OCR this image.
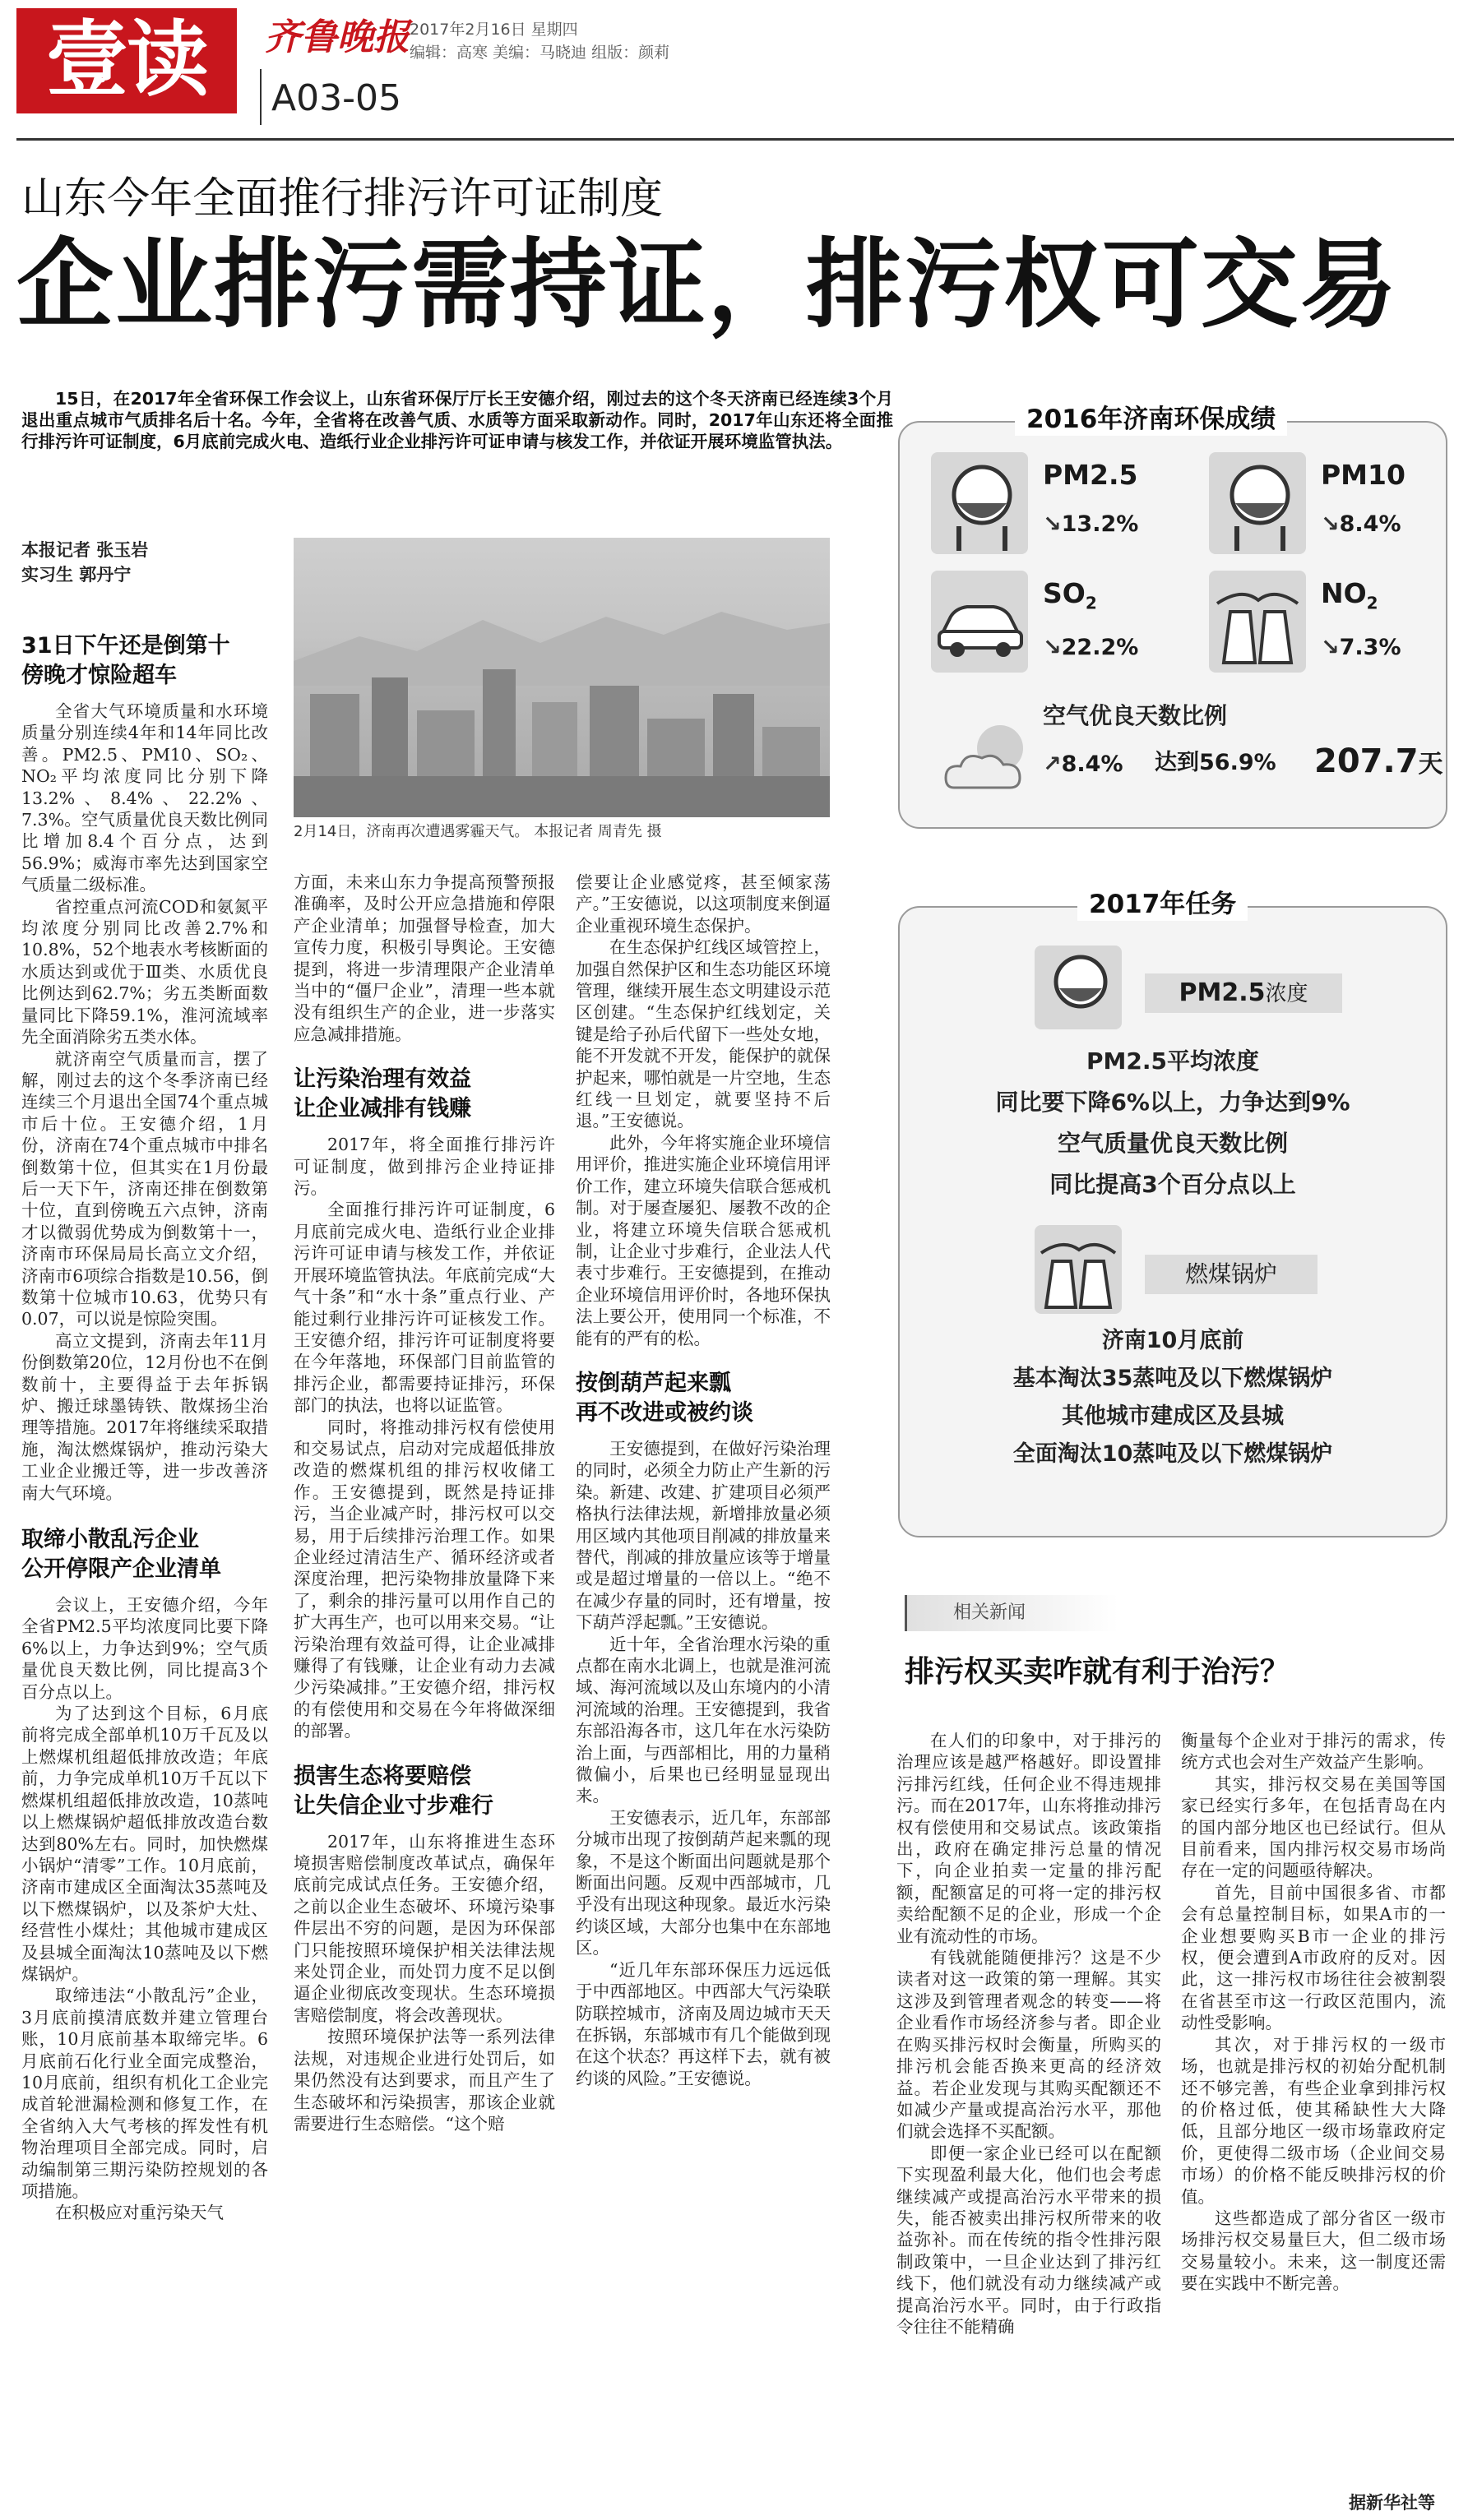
壹读	齐鲁晚报 2017年2月16日 星期四
编辑：高寒 美编：马晓迪 组版：颜莉
A03-05
山东今年全面推行排污许可证制度
企业排污需持证，排污权可交易
15日，在2017年全省环保工作会议上，山东省环保厅厅长王安德介绍，刚过去的这个冬天济南已经连续3个月退出重点城市气质排名后十名。今年，全省将在改善气质、水质等方面采取新动作。同时，2017年山东还将全面推行排污许可证制度，6月底前完成火电、造纸行业企业排污许可证申请与核发工作，并依证开展环境监管执法。
本报记者 张玉岩
实习生 郭丹宁
2月14日，济南再次遭遇雾霾天气。 本报记者 周青先 摄
31日下午还是倒第十
傍晚才惊险超车

全省大气环境质量和水环境质量分别连续4年和14年同比改善。PM2.5、PM10、SO₂、NO₂平均浓度同比分别下降13.2%、8.4%、22.2%、7.3%。空气质量优良天数比例同比增加8.4个百分点，达到56.9%；威海市率先达到国家空气质量二级标准。

省控重点河流COD和氨氮平均浓度分别同比改善2.7%和10.8%，52个地表水考核断面的水质达到或优于Ⅲ类、水质优良比例达到62.7%；劣五类断面数量同比下降59.1%，淮河流域率先全面消除劣五类水体。

就济南空气质量而言，摆了解，刚过去的这个冬季济南已经连续三个月退出全国74个重点城市后十位。王安德介绍，1月份，济南在74个重点城市中排名倒数第十位，但其实在1月份最后一天下午，济南还排在倒数第十位，直到傍晚五六点钟，济南才以微弱优势成为倒数第十一，济南市环保局局长高立文介绍，济南市6项综合指数是10.56，倒数第十位城市10.63，优势只有0.07，可以说是惊险突围。

高立文提到，济南去年11月份倒数第20位，12月份也不在倒数前十，主要得益于去年拆锅炉、搬迁球墨铸铁、散煤扬尘治理等措施。2017年将继续采取措施，淘汰燃煤锅炉，推动污染大工业企业搬迁等，进一步改善济南大气环境。

取缔小散乱污企业
公开停限产企业清单

会议上，王安德介绍，今年全省PM2.5平均浓度同比要下降6%以上，力争达到9%；空气质量优良天数比例，同比提高3个百分点以上。

为了达到这个目标，6月底前将完成全部单机10万千瓦及以上燃煤机组超低排放改造；年底前，力争完成单机10万千瓦以下燃煤机组超低排放改造，10蒸吨以上燃煤锅炉超低排放改造台数达到80%左右。同时，加快燃煤小锅炉“清零”工作。10月底前，济南市建成区全面淘汰35蒸吨及以下燃煤锅炉，以及茶炉大灶、经营性小煤灶；其他城市建成区及县城全面淘汰10蒸吨及以下燃煤锅炉。

取缔违法“小散乱污”企业，3月底前摸清底数并建立管理台账，10月底前基本取缔完毕。6月底前石化行业全面完成整治，10月底前，组织有机化工企业完成首轮泄漏检测和修复工作，在全省纳入大气考核的挥发性有机物治理项目全部完成。同时，启动编制第三期污染防控规划的各项措施。

在积极应对重污染天气

方面，未来山东力争提高预警预报准确率，及时公开应急措施和停限产企业清单；加强督导检查，加大宣传力度，积极引导舆论。王安德提到，将进一步清理限产企业清单当中的“僵尸企业”，清理一些本就没有组织生产的企业，进一步落实应急减排措施。

让污染治理有效益
让企业减排有钱赚

2017年，将全面推行排污许可证制度，做到排污企业持证排污。

全面推行排污许可证制度，6月底前完成火电、造纸行业企业排污许可证申请与核发工作，并依证开展环境监管执法。年底前完成“大气十条”和“水十条”重点行业、产能过剩行业排污许可证核发工作。王安德介绍，排污许可证制度将要在今年落地，环保部门目前监管的排污企业，都需要持证排污，环保部门的执法，也将以证监管。

同时，将推动排污权有偿使用和交易试点，启动对完成超低排放改造的燃煤机组的排污权收储工作。王安德提到，既然是持证排污，当企业减产时，排污权可以交易，用于后续排污治理工作。如果企业经过清洁生产、循环经济或者深度治理，把污染物排放量降下来了，剩余的排污量可以用作自己的扩大再生产，也可以用来交易。“让污染治理有效益可得，让企业减排赚得了有钱赚，让企业有动力去减少污染减排。”王安德介绍，排污权的有偿使用和交易在今年将做深细的部署。

损害生态将要赔偿
让失信企业寸步难行

2017年，山东将推进生态环境损害赔偿制度改革试点，确保年底前完成试点任务。王安德介绍，之前以企业生态破坏、环境污染事件层出不穷的问题，是因为环保部门只能按照环境保护相关法律法规来处罚企业，而处罚力度不足以倒逼企业彻底改变现状。生态环境损害赔偿制度，将会改善现状。

按照环境保护法等一系列法律法规，对违规企业进行处罚后，如果仍然没有达到要求，而且产生了生态破坏和污染损害，那该企业就需要进行生态赔偿。“这个赔

偿要让企业感觉疼，甚至倾家荡产。”王安德说，以这项制度来倒逼企业重视环境生态保护。

在生态保护红线区域管控上，加强自然保护区和生态功能区环境管理，继续开展生态文明建设示范区创建。“生态保护红线划定，关键是给子孙后代留下一些处女地，能不开发就不开发，能保护的就保护起来，哪怕就是一片空地，生态红线一旦划定，就要坚持不后退。”王安德说。

此外，今年将实施企业环境信用评价，推进实施企业环境信用评价工作，建立环境失信联合惩戒机制。对于屡查屡犯、屡教不改的企业，将建立环境失信联合惩戒机制，让企业寸步难行，企业法人代表寸步难行。王安德提到，在推动企业环境信用评价时，各地环保执法上要公开，使用同一个标准，不能有的严有的松。

按倒葫芦起来瓢
再不改进或被约谈

王安德提到，在做好污染治理的同时，必须全力防止产生新的污染。新建、改建、扩建项目必须严格执行法律法规，新增排放量必须用区域内其他项目削减的排放量来替代，削减的排放量应该等于增量或是超过增量的一倍以上。“绝不在减少存量的同时，还有增量，按下葫芦浮起瓢。”王安德说。

近十年，全省治理水污染的重点都在南水北调上，也就是淮河流域、海河流域以及山东境内的小清河流域的治理。王安德提到，我省东部沿海各市，这几年在水污染防治上面，与西部相比，用的力量稍微偏小，后果也已经明显显现出来。

王安德表示，近几年，东部部分城市出现了按倒葫芦起来瓢的现象，不是这个断面出问题就是那个断面出问题。反观中西部城市，几乎没有出现这种现象。最近水污染约谈区域，大部分也集中在东部地区。

“近几年东部环保压力远远低于中西部地区。中西部大气污染联防联控城市，济南及周边城市天天在拆锅，东部城市有几个能做到现在这个状态？再这样下去，就有被约谈的风险。”王安德说。

2016年济南环保成绩
PM2.5
↘13.2%
PM10
↘8.4%
$SO_2$
↘22.2%
$NO_2$
↘7.3%
空气优良天数比例
↗8.4% 达到56.9% 207.7天
2017年任务
PM2.5浓度
PM2.5平均浓度
同比要下降6%以上，力争达到9%
空气质量优良天数比例
同比提高3个百分点以上
燃煤锅炉
济南10月底前
基本淘汰35蒸吨及以下燃煤锅炉
其他城市建成区及县城
全面淘汰10蒸吨及以下燃煤锅炉
相关新闻
排污权买卖咋就有利于治污？

在人们的印象中，对于排污的治理应该是越严格越好。即设置排污排污红线，任何企业不得违规排污。而在2017年，山东将推动排污权有偿使用和交易试点。该政策指出，政府在确定排污总量的情况下，向企业拍卖一定量的排污配额，配额富足的可将一定的排污权卖给配额不足的企业，形成一个企业有流动性的市场。

有钱就能随便排污？这是不少读者对这一政策的第一理解。其实这涉及到管理者观念的转变——将企业看作市场经济参与者。即企业在购买排污权时会衡量，所购买的排污机会能否换来更高的经济效益。若企业发现与其购买配额还不如减少产量或提高治污水平，那他们就会选择不买配额。

即便一家企业已经可以在配额下实现盈利最大化，他们也会考虑继续减产或提高治污水平带来的损失，能否被卖出排污权所带来的收益弥补。而在传统的指令性排污限制政策中，一旦企业达到了排污红线下，他们就没有动力继续减产或提高治污水平。同时，由于行政指令往往不能精确

衡量每个企业对于排污的需求，传统方式也会对生产效益产生影响。

其实，排污权交易在美国等国家已经实行多年，在包括青岛在内的国内部分地区也已经试行。但从目前看来，国内排污权交易市场尚存在一定的问题亟待解决。

首先，目前中国很多省、市都会有总量控制目标，如果A市的一企业想要购买B市一企业的排污权，便会遭到A市政府的反对。因此，这一排污权市场往往会被割裂在省甚至市这一行政区范围内，流动性受影响。

其次，对于排污权的一级市场，也就是排污权的初始分配机制还不够完善，有些企业拿到排污权的价格过低，使其稀缺性大大降低，且部分地区一级市场靠政府定价，更使得二级市场（企业间交易市场）的价格不能反映排污权的价值。

这些都造成了部分省区一级市场排污权交易量巨大，但二级市场交易量较小。未来，这一制度还需要在实践中不断完善。

据新华社等
